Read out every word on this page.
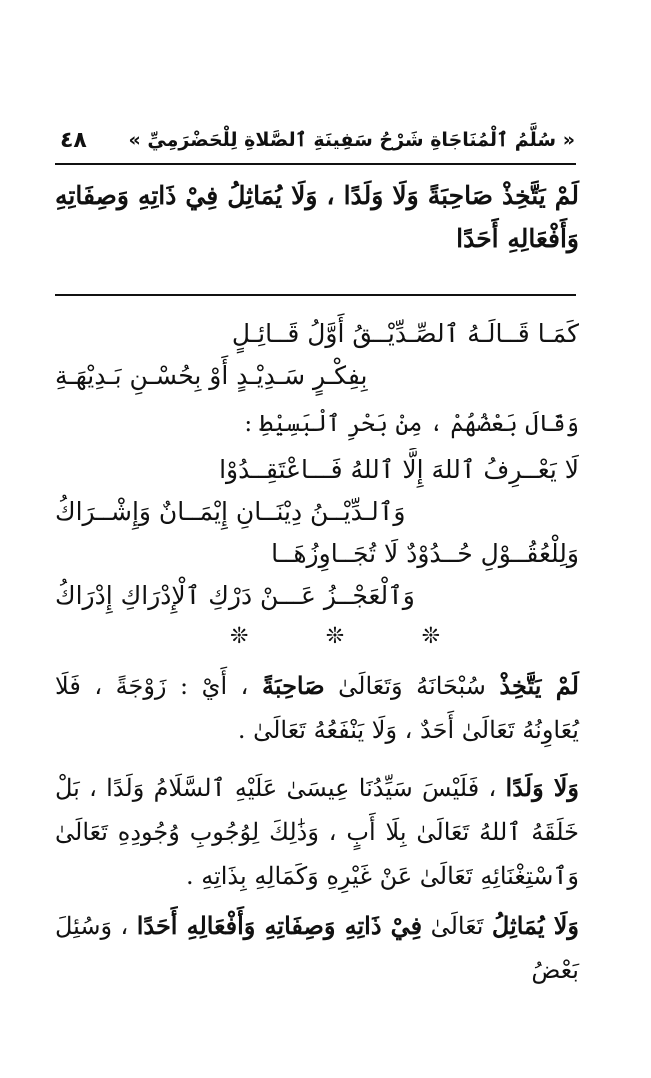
« سُلَّمُ ٱلْمُنَاجَاةِ شَرْحُ سَفِينَةِ ٱلصَّلاةِ لِلْحَضْرَمِيِّ »
٤٨
لَمْ يَتَّخِذْ صَاحِبَةً وَلَا وَلَدًا ، وَلَا يُمَاثِلُ فِيْ ذَاتِهِ وَصِفَاتِهِ وَأَفْعَالِهِ أَحَدًا
كَمَـا قَــالَـهُ ٱلصِّـدِّيْــقُ أَوَّلُ قَــائِـلٍ
بِفِكْـرٍ سَـدِيْـدٍ أَوْ بِحُسْـنِ بَـدِيْهَـةِ
وَقَالَ بَعْضُهُمْ ، مِنْ بَحْرِ ٱلْبَسِيْطِ :
لَا يَعْــرِفُ ٱللهَ إِلَّا ٱللهُ فَـــاعْتَقِــدُوْا
وَٱلـدِّيْــنُ دِيْنَــانِ إِيْمَــانٌ وَإِشْــرَاكُ
وَلِلْعُقُــوْلِ حُــدُوْدٌ لَا تُجَــاوِزُهَــا
وَٱلْعَجْــزُ عَـــنْ دَرْكِ ٱلْإِدْرَاكِ إِدْرَاكُ
❊
❊
❊
لَمْ يَتَّخِذْ سُبْحَانَهُ وَتَعَالَىٰ صَاحِبَةً ، أَيْ : زَوْجَةً ، فَلَا يُعَاوِنُهُ تَعَالَىٰ أَحَدٌ ، وَلَا يَنْفَعُهُ تَعَالَىٰ .
وَلَا وَلَدًا ، فَلَيْسَ سَيِّدُنَا عِيسَىٰ عَلَيْهِ ٱلسَّلَامُ وَلَدًا ، بَلْ خَلَقَهُ ٱللهُ تَعَالَىٰ بِلَا أَبٍ ، وَذَٰلِكَ لِوُجُوبِ وُجُودِهِ تَعَالَىٰ وَٱسْتِغْنَائِهِ تَعَالَىٰ عَنْ غَيْرِهِ وَكَمَالِهِ بِذَاتِهِ .
وَلَا يُمَاثِلُ تَعَالَىٰ فِيْ ذَاتِهِ وَصِفَاتِهِ وَأَفْعَالِهِ أَحَدًا ، وَسُئِلَ بَعْضُ
